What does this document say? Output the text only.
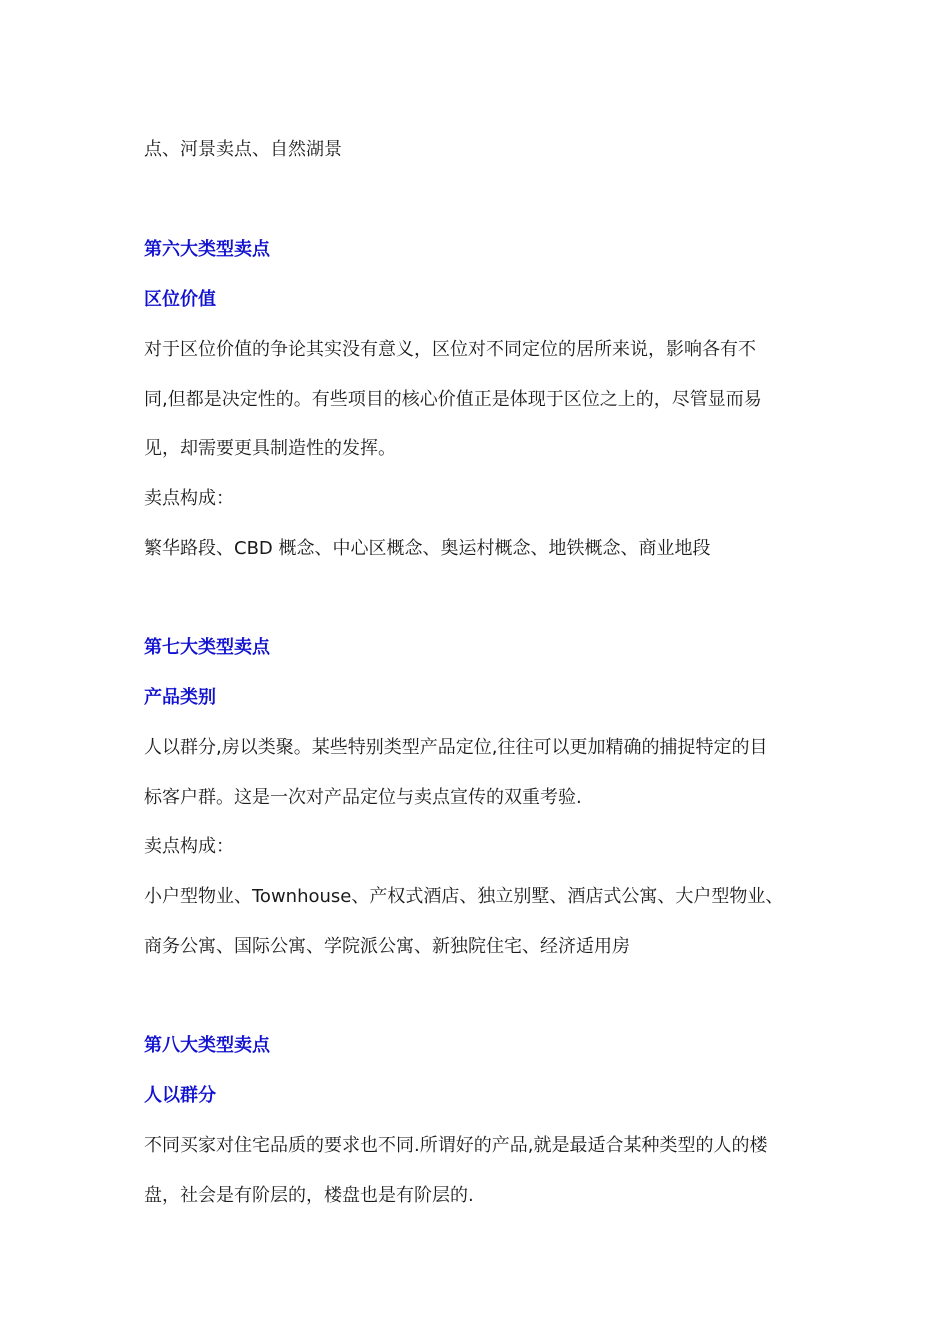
点、河景卖点、自然湖景
第六大类型卖点
区位价值
对于区位价值的争论其实没有意义，区位对不同定位的居所来说，影响各有不
同,但都是决定性的。有些项目的核心价值正是体现于区位之上的，尽管显而易
见，却需要更具制造性的发挥。
卖点构成：
繁华路段、CBD 概念、中心区概念、奥运村概念、地铁概念、商业地段
第七大类型卖点
产品类别
人以群分,房以类聚。某些特别类型产品定位,往往可以更加精确的捕捉特定的目
标客户群。这是一次对产品定位与卖点宣传的双重考验.
卖点构成：
小户型物业、Townhouse、产权式酒店、独立别墅、酒店式公寓、大户型物业、
商务公寓、国际公寓、学院派公寓、新独院住宅、经济适用房
第八大类型卖点
人以群分
不同买家对住宅品质的要求也不同.所谓好的产品,就是最适合某种类型的人的楼
盘，社会是有阶层的，楼盘也是有阶层的.
